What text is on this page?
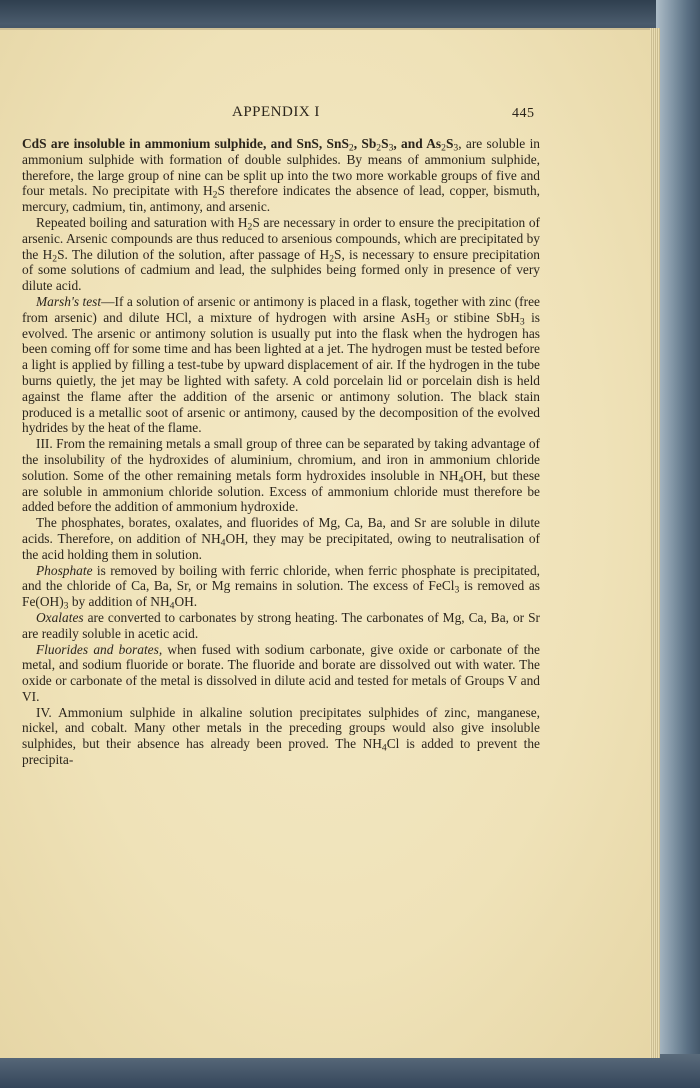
APPENDIX I	445

CdS are insoluble in ammonium sulphide, and SnS, SnS$_2$, $Sb_2S_3$, and $As_2S_3$, are soluble in ammonium sulphide with formation of double sulphides. By means of ammonium sulphide, therefore, the large group of nine can be split up into the two more workable groups of five and four metals. No precipitate with $H_2S$ therefore indicates the absence of lead, copper, bismuth, mercury, cadmium, tin, antimony, and arsenic.

Repeated boiling and saturation with $H_2S$ are necessary in order to ensure the precipitation of arsenic. Arsenic compounds are thus reduced to arsenious compounds, which are precipitated by the $H_2S$. The dilution of the solution, after passage of $H_2S$, is necessary to ensure precipitation of some solutions of cadmium and lead, the sulphides being formed only in presence of very dilute acid.

Marsh's test—If a solution of arsenic or antimony is placed in a flask, together with zinc (free from arsenic) and dilute HCl, a mixture of hydrogen with arsine AsH$_3$ or stibine SbH$_3$ is evolved. The arsenic or antimony solution is usually put into the flask when the hydrogen has been coming off for some time and has been lighted at a jet. The hydrogen must be tested before a light is applied by filling a test-tube by upward displacement of air. If the hydrogen in the tube burns quietly, the jet may be lighted with safety. A cold porcelain lid or porcelain dish is held against the flame after the addition of the arsenic or antimony solution. The black stain produced is a metallic soot of arsenic or antimony, caused by the decomposition of the evolved hydrides by the heat of the flame.

III. From the remaining metals a small group of three can be separated by taking advantage of the insolubility of the hydroxides of aluminium, chromium, and iron in ammonium chloride solution. Some of the other remaining metals form hydroxides insoluble in $NH_4OH$, but these are soluble in ammonium chloride solution. Excess of ammonium chloride must therefore be added before the addition of ammonium hydroxide.

The phosphates, borates, oxalates, and fluorides of Mg, Ca, Ba, and Sr are soluble in dilute acids. Therefore, on addition of $NH_4OH$, they may be precipitated, owing to neutralisation of the acid holding them in solution.

Phosphate is removed by boiling with ferric chloride, when ferric phosphate is precipitated, and the chloride of Ca, Ba, Sr, or Mg remains in solution. The excess of FeCl$_3$ is removed as $Fe(OH)_3$ by addition of $NH_4OH$.

Oxalates are converted to carbonates by strong heating. The carbonates of Mg, Ca, Ba, or Sr are readily soluble in acetic acid.

Fluorides and borates, when fused with sodium carbonate, give oxide or carbonate of the metal, and sodium fluoride or borate. The fluoride and borate are dissolved out with water. The oxide or carbonate of the metal is dissolved in dilute acid and tested for metals of Groups V and VI.

IV. Ammonium sulphide in alkaline solution precipitates sulphides of zinc, manganese, nickel, and cobalt. Many other metals in the preceding groups would also give insoluble sulphides, but their absence has already been proved. The $NH_4Cl$ is added to prevent the precipita-
